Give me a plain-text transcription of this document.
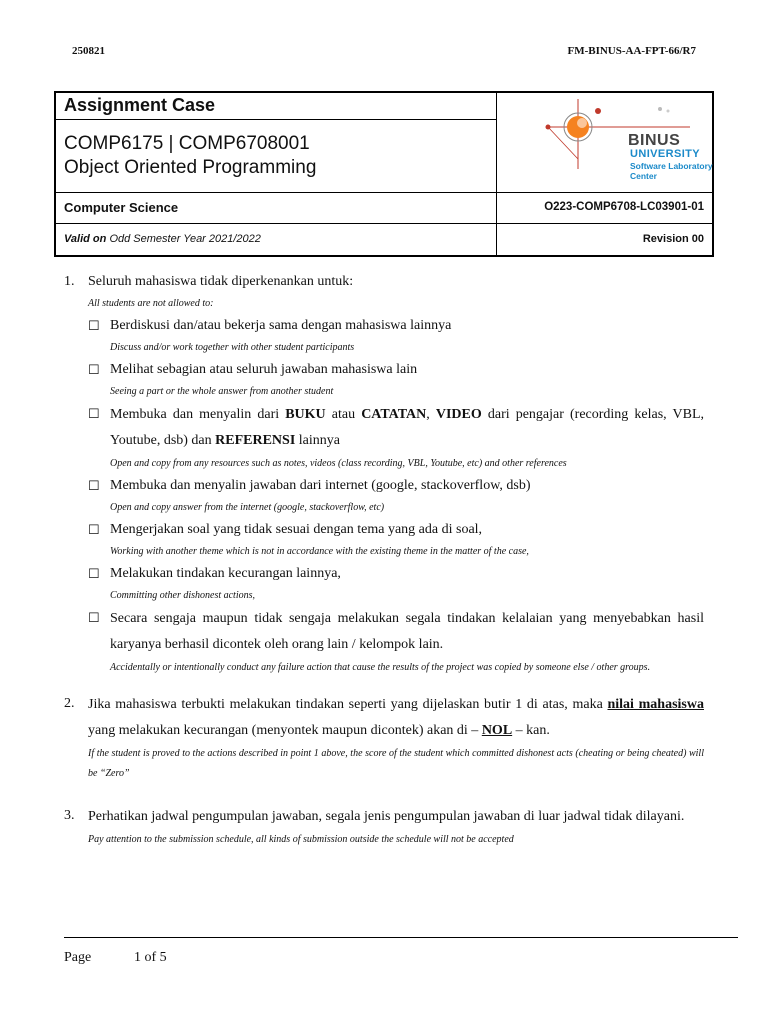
250821	FM-BINUS-AA-FPT-66/R7
Assignment Case
COMP6175 | COMP6708001
Object Oriented Programming
Computer Science	O223-COMP6708-LC03901-01
Valid on Odd Semester Year 2021/2022	Revision 00
BINUS
UNIVERSITY
Software Laboratory
Center
1. Seluruh mahasiswa tidak diperkenankan untuk:
All students are not allowed to:
☐ Berdiskusi dan/atau bekerja sama dengan mahasiswa lainnya
Discuss and/or work together with other student participants
☐ Melihat sebagian atau seluruh jawaban mahasiswa lain
Seeing a part or the whole answer from another student
☐ Membuka dan menyalin dari BUKU atau CATATAN, VIDEO dari pengajar (recording kelas, VBL, Youtube, dsb) dan REFERENSI lainnya
Open and copy from any resources such as notes, videos (class recording, VBL, Youtube, etc) and other references
☐ Membuka dan menyalin jawaban dari internet (google, stackoverflow, dsb)
Open and copy answer from the internet (google, stackoverflow, etc)
☐ Mengerjakan soal yang tidak sesuai dengan tema yang ada di soal,
Working with another theme which is not in accordance with the existing theme in the matter of the case,
☐ Melakukan tindakan kecurangan lainnya,
Committing other dishonest actions,
☐ Secara sengaja maupun tidak sengaja melakukan segala tindakan kelalaian yang menyebabkan hasil karyanya berhasil dicontek oleh orang lain / kelompok lain.
Accidentally or intentionally conduct any failure action that cause the results of the project was copied by someone else / other groups.
2. Jika mahasiswa terbukti melakukan tindakan seperti yang dijelaskan butir 1 di atas, maka nilai mahasiswa yang melakukan kecurangan (menyontek maupun dicontek) akan di – NOL – kan.
If the student is proved to the actions described in point 1 above, the score of the student which committed dishonest acts (cheating or being cheated) will be “Zero”
3. Perhatikan jadwal pengumpulan jawaban, segala jenis pengumpulan jawaban di luar jadwal tidak dilayani.
Pay attention to the submission schedule, all kinds of submission outside the schedule will not be accepted
Page	1 of 5
